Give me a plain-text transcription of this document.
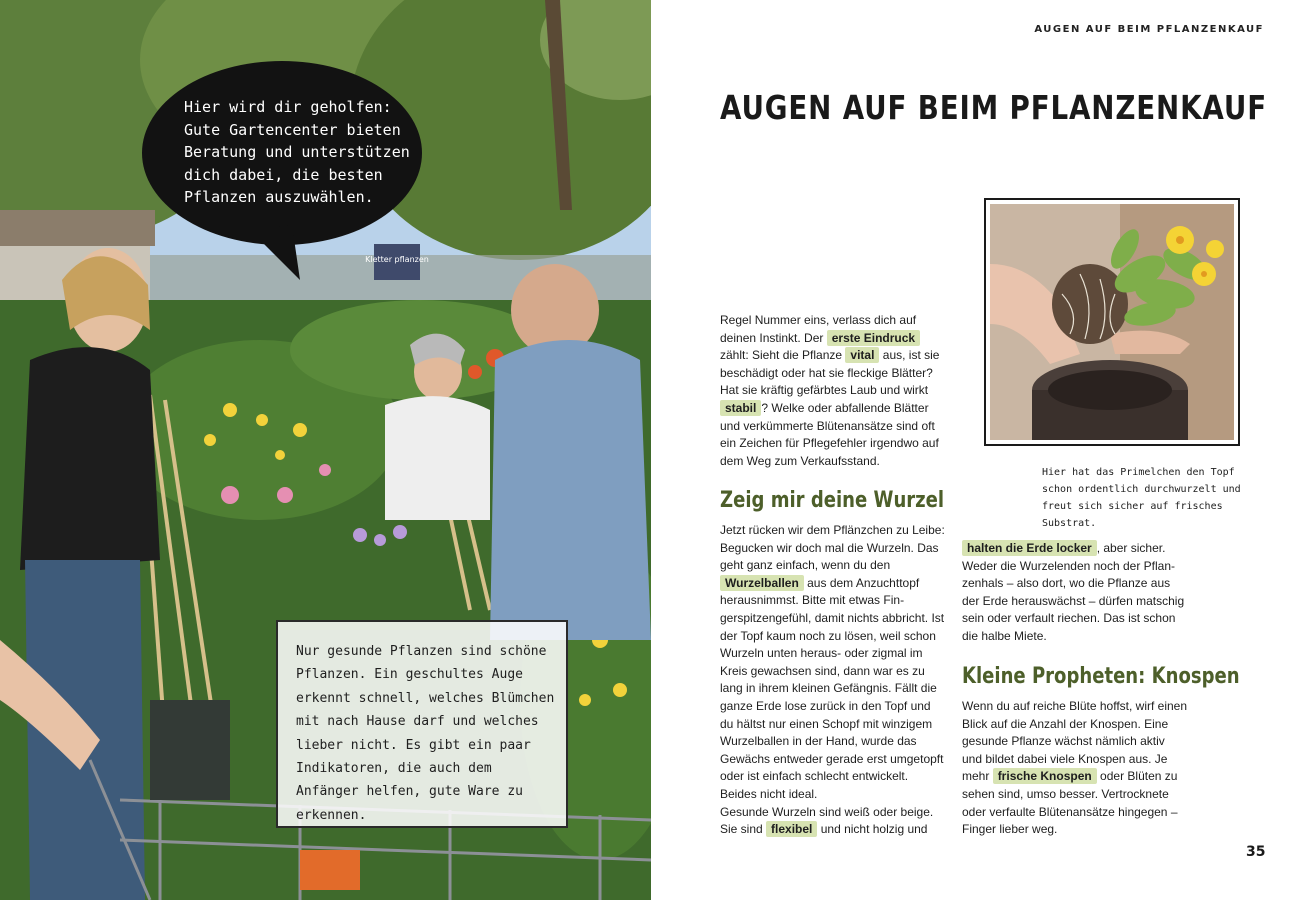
Kletter pflanzen
Hier wird dir geholfen: Gute Gartencenter bieten Beratung und unterstützen dich dabei, die besten Pflanzen auszuwählen.
Nur gesunde Pflanzen sind schöne Pflanzen. Ein geschultes Auge erkennt schnell, welches Blümchen mit nach Hause darf und welches lieber nicht. Es gibt ein paar Indikatoren, die auch dem Anfänger helfen, gute Ware zu erkennen.
AUGEN AUF BEIM PFLANZENKAUF
AUGEN AUF BEIM PFLANZENKAUF
Regel Nummer eins, verlass dich auf deinen Instinkt. Der erste Eindruck zählt: Sieht die Pflanze vital aus, ist sie beschädigt oder hat sie fleckige Blätter? Hat sie kräftig gefärbtes Laub und wirkt stabil ? Welke oder abfallende Blätter und verkümmerte Blütenansätze sind oft ein Zeichen für Pflegefehler irgendwo auf dem Weg zum Verkaufsstand.
Hier hat das Primelchen den Topf schon ordentlich durchwurzelt und freut sich sicher auf frisches Substrat.
Zeig mir deine Wurzel

Jetzt rücken wir dem Pflänzchen zu Leibe: Begucken wir doch mal die Wurzeln. Das geht ganz einfach, wenn du den Wurzelballen aus dem Anzuchttopf herausnimmst. Bitte mit etwas Fingerspitzengefühl, damit nichts abbricht. Ist der Topf kaum noch zu lösen, weil schon Wurzeln unten heraus- oder zigmal im Kreis gewachsen sind, dann war es zu lang in ihrem kleinen Gefängnis. Fällt die ganze Erde lose zurück in den Topf und du hältst nur einen Schopf mit winzigem Wurzelballen in der Hand, wurde das Gewächs entweder gerade erst umgetopft oder ist einfach schlecht entwickelt. Beides nicht ideal.

Gesunde Wurzeln sind weiß oder beige. Sie sind flexibel und nicht holzig und

halten die Erde locker , aber sicher. Weder die Wurzelenden noch der Pflanzenhals – also dort, wo die Pflanze aus der Erde herauswächst – dürfen matschig sein oder verfault riechen. Das ist schon die halbe Miete.

Kleine Propheten: Knospen

Wenn du auf reiche Blüte hoffst, wirf einen Blick auf die Anzahl der Knospen. Eine gesunde Pflanze wächst nämlich aktiv und bildet dabei viele Knospen aus. Je mehr frische Knospen oder Blüten zu sehen sind, umso besser. Vertrocknete oder verfaulte Blütenansätze hingegen – Finger lieber weg.

35
